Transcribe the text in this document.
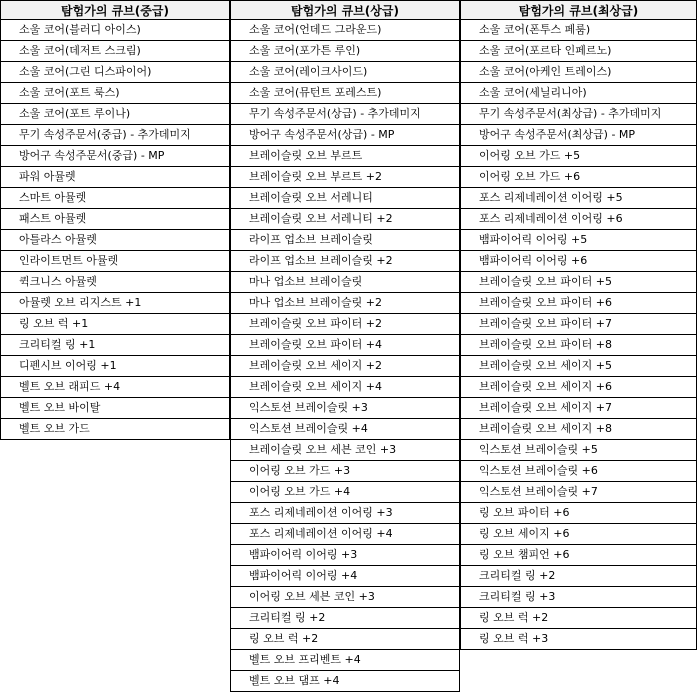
탐험가의 큐브(중급)
소울 코어(블러디 아이스)
소울 코어(데저트 스크림)
소울 코어(그린 디스파이어)
소울 코어(포트 룩스)
소울 코어(포트 루이나)
무기 속성주문서(중급) - 추가데미지
방어구 속성주문서(중급) - MP
파워 아뮬렛
스마트 아뮬렛
패스트 아뮬렛
아틀라스 아뮬렛
인라이트먼트 아뮬렛
퀵크니스 아뮬렛
아뮬렛 오브 리지스트 +1
링 오브 럭 +1
크리티컬 링 +1
디펜시브 이어링 +1
벨트 오브 래피드 +4
벨트 오브 바이탈
벨트 오브 가드
탐험가의 큐브(상급)
소울 코어(언데드 그라운드)
소울 코어(포가튼 루인)
소울 코어(레이크사이드)
소울 코어(뮤턴트 포레스트)
무기 속성주문서(상급) - 추가데미지
방어구 속성주문서(상급) - MP
브레이슬릿 오브 부르트
브레이슬릿 오브 부르트 +2
브레이슬릿 오브 서레니티
브레이슬릿 오브 서레니티 +2
라이프 업소브 브레이슬릿
라이프 업소브 브레이슬릿 +2
마나 업소브 브레이슬릿
마나 업소브 브레이슬릿 +2
브레이슬릿 오브 파이터 +2
브레이슬릿 오브 파이터 +4
브레이슬릿 오브 세이지 +2
브레이슬릿 오브 세이지 +4
익스토션 브레이슬릿 +3
익스토션 브레이슬릿 +4
브레이슬릿 오브 세븐 코인 +3
이어링 오브 가드 +3
이어링 오브 가드 +4
포스 리제네레이션 이어링 +3
포스 리제네레이션 이어링 +4
뱀파이어릭 이어링 +3
뱀파이어릭 이어링 +4
이어링 오브 세븐 코인 +3
크리티컬 링 +2
링 오브 럭 +2
벨트 오브 프리벤트 +4
벨트 오브 댐프 +4
탐험가의 큐브(최상급)
소울 코어(폰투스 페룸)
소울 코어(포르타 인페르노)
소울 코어(아케인 트레이스)
소울 코어(세닐리니아)
무기 속성주문서(최상급) - 추가데미지
방어구 속성주문서(최상급) - MP
이어링 오브 가드 +5
이어링 오브 가드 +6
포스 리제네레이션 이어링 +5
포스 리제네레이션 이어링 +6
뱀파이어릭 이어링 +5
뱀파이어릭 이어링 +6
브레이슬릿 오브 파이터 +5
브레이슬릿 오브 파이터 +6
브레이슬릿 오브 파이터 +7
브레이슬릿 오브 파이터 +8
브레이슬릿 오브 세이지 +5
브레이슬릿 오브 세이지 +6
브레이슬릿 오브 세이지 +7
브레이슬릿 오브 세이지 +8
익스토션 브레이슬릿 +5
익스토션 브레이슬릿 +6
익스토션 브레이슬릿 +7
링 오브 파이터 +6
링 오브 세이지 +6
링 오브 챔피언 +6
크리티컬 링 +2
크리티컬 링 +3
링 오브 럭 +2
링 오브 럭 +3
